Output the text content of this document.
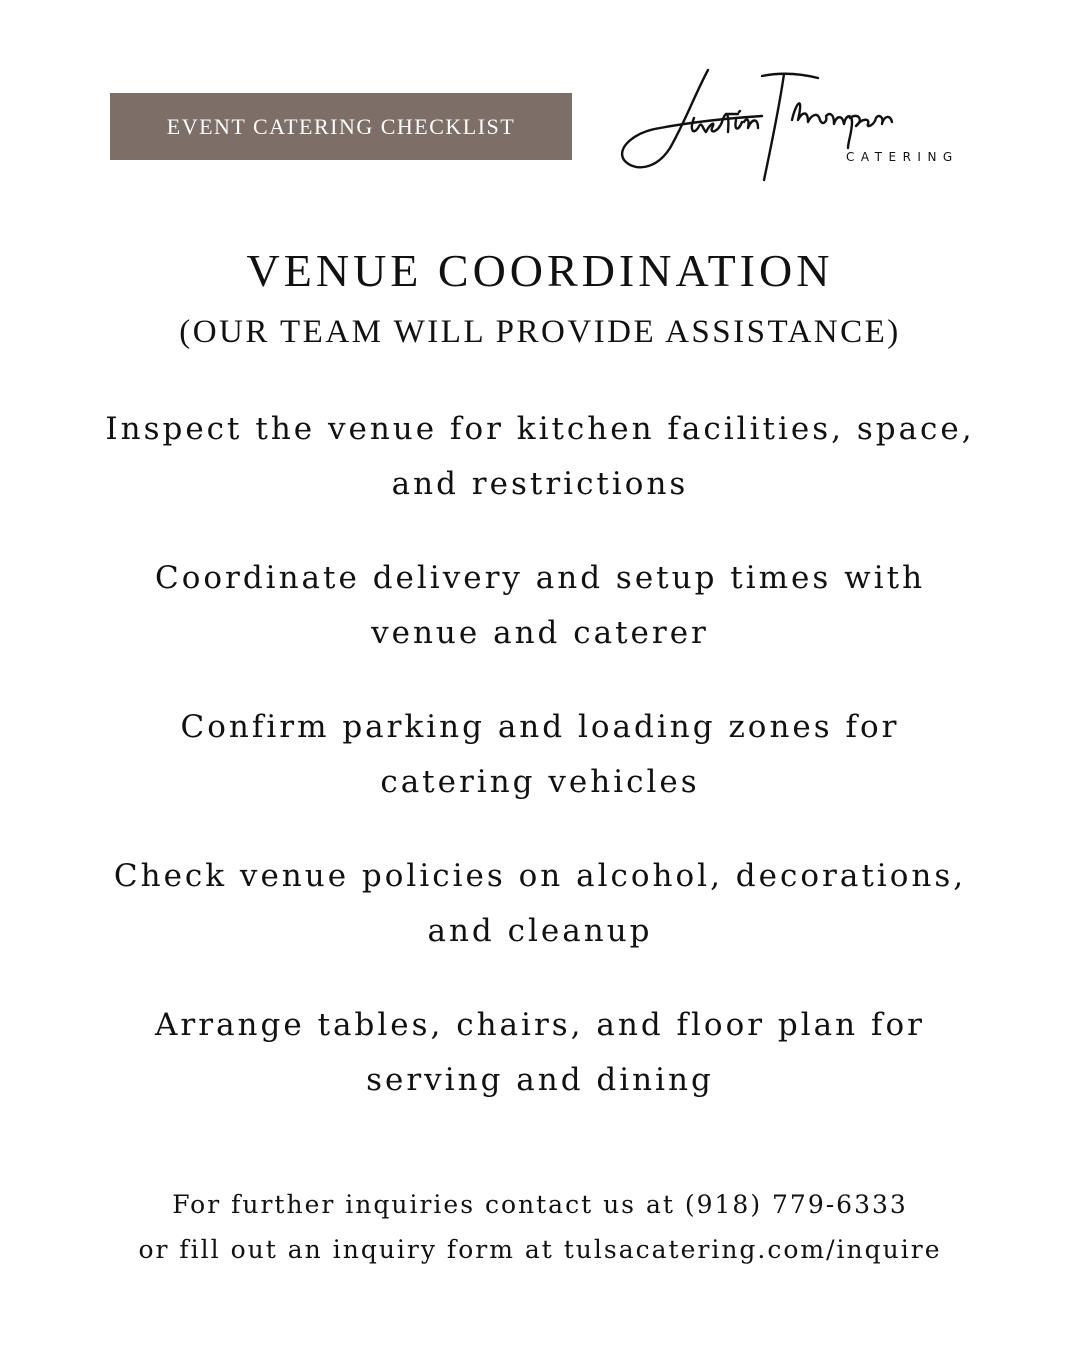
EVENT CATERING CHECKLIST
CATERING
VENUE COORDINATION
(OUR TEAM WILL PROVIDE ASSISTANCE)
Inspect the venue for kitchen facilities, space, and restrictions
Coordinate delivery and setup times with venue and caterer
Confirm parking and loading zones for catering vehicles
Check venue policies on alcohol, decorations, and cleanup
Arrange tables, chairs, and floor plan for serving and dining
For further inquiries contact us at (918) 779-6333
or fill out an inquiry form at tulsacatering.com/inquire
